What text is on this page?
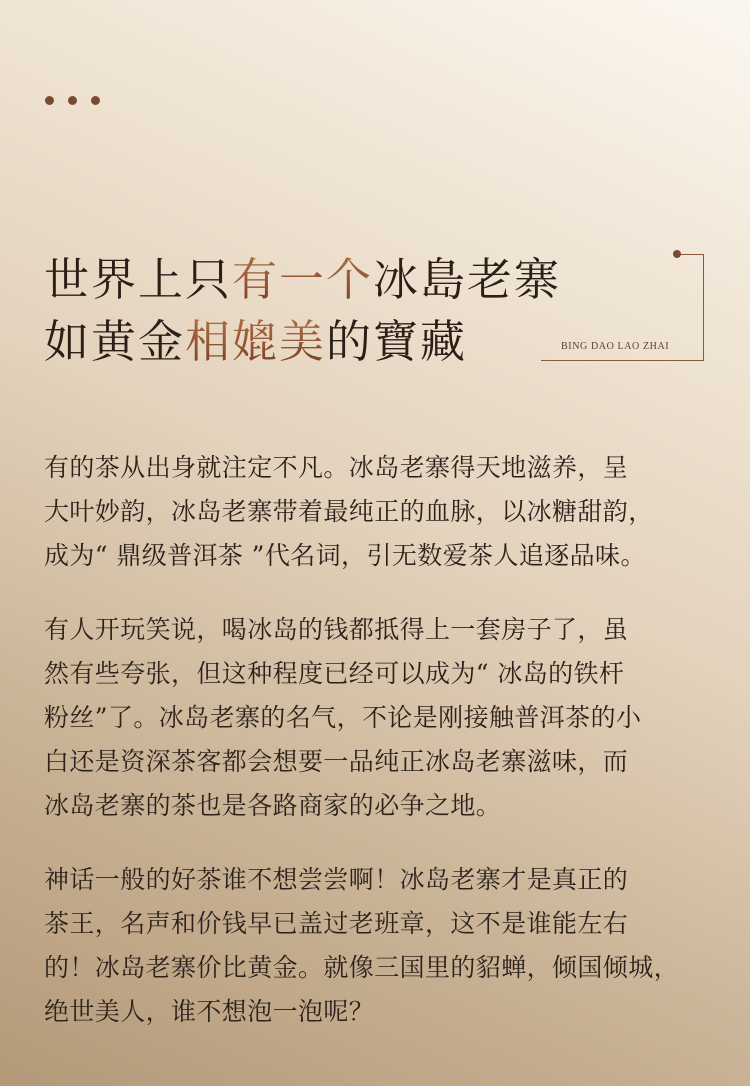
BING DAO LAO ZHAI
世界上只有一个冰島老寨
如黄金相媲美的寶藏
有的茶从出身就注定不凡。冰岛老寨得天地滋养，呈
大叶妙韵，冰岛老寨带着最纯正的血脉，以冰糖甜韵，
成为“ 鼎级普洱茶 ”代名词，引无数爱茶人追逐品味。
有人开玩笑说，喝冰岛的钱都抵得上一套房子了，虽
然有些夸张，但这种程度已经可以成为“ 冰岛的铁杆
粉丝”了。冰岛老寨的名气，不论是刚接触普洱茶的小
白还是资深茶客都会想要一品纯正冰岛老寨滋味，而
冰岛老寨的茶也是各路商家的必争之地。
神话一般的好茶谁不想尝尝啊！冰岛老寨才是真正的
茶王，名声和价钱早已盖过老班章，这不是谁能左右
的！冰岛老寨价比黄金。就像三国里的貂蝉，倾国倾城，
绝世美人，谁不想泡一泡呢？
